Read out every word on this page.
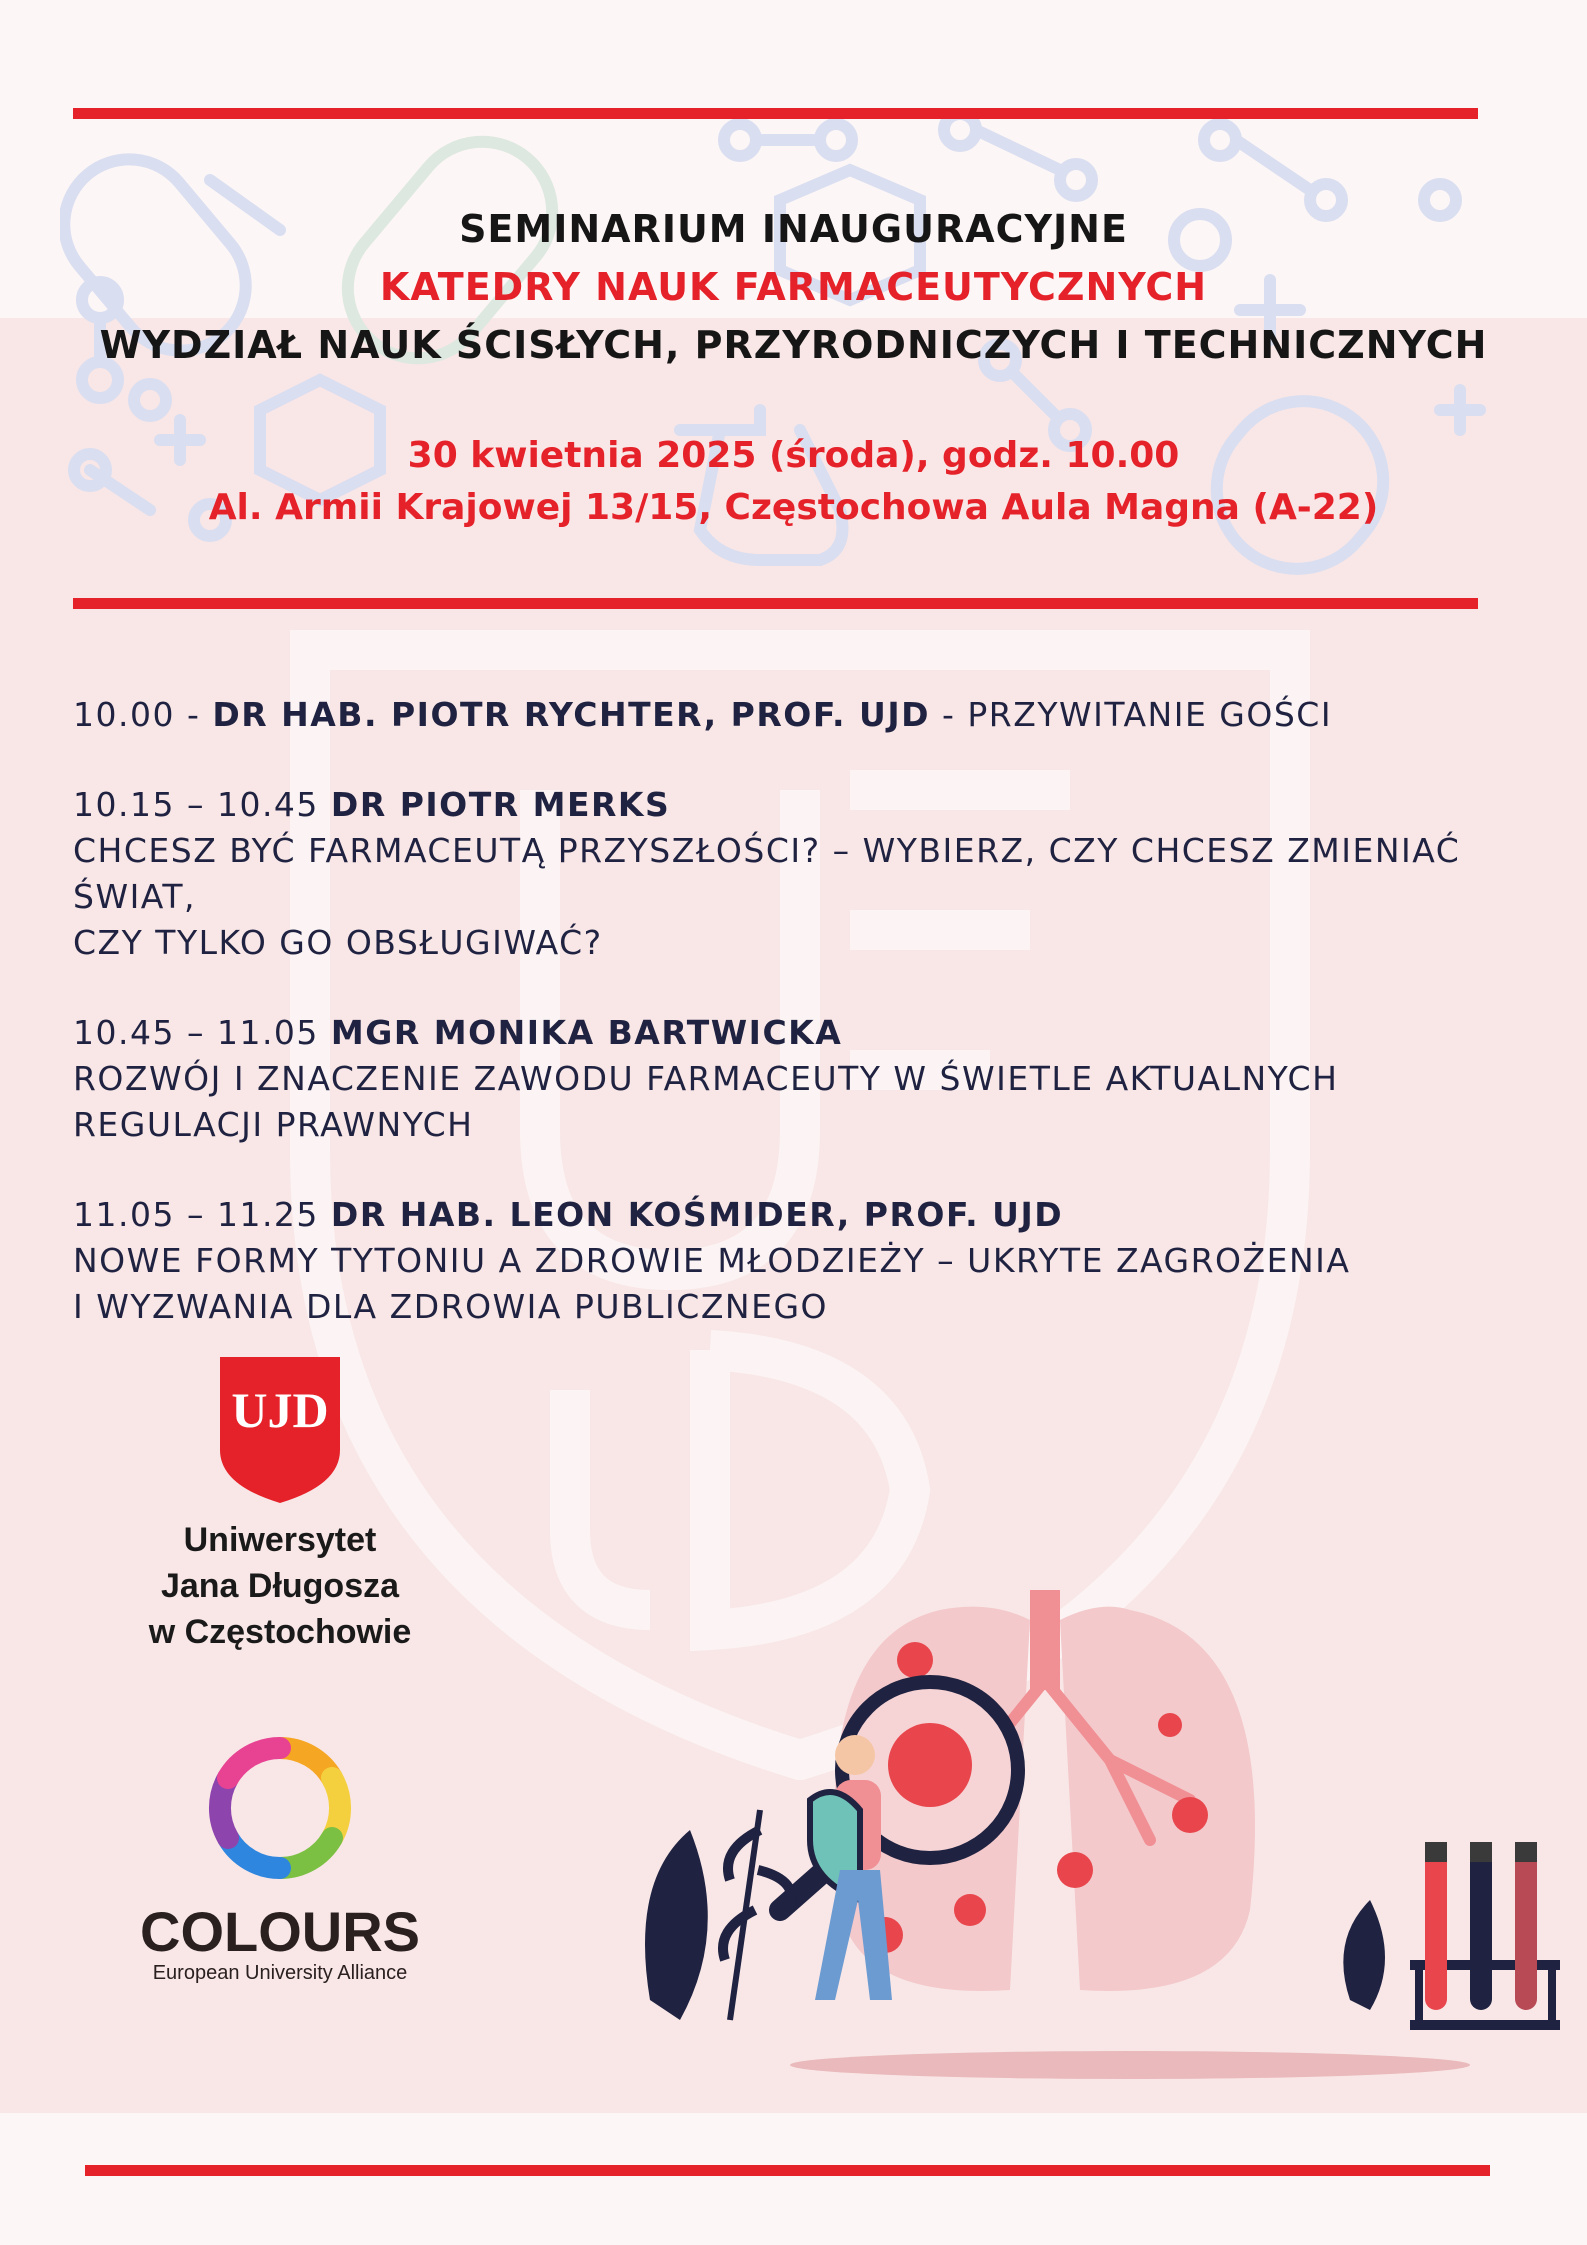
SEMINARIUM INAUGURACYJNE
KATEDRY NAUK FARMACEUTYCZNYCH
WYDZIAŁ NAUK ŚCISŁYCH, PRZYRODNICZYCH I TECHNICZNYCH
30 kwietnia 2025 (środa), godz. 10.00
Al. Armii Krajowej 13/15, Częstochowa Aula Magna (A-22)
10.00 - DR HAB. PIOTR RYCHTER, PROF. UJD - PRZYWITANIE GOŚCI
10.15 – 10.45 DR PIOTR MERKS
CHCESZ BYĆ FARMACEUTĄ PRZYSZŁOŚCI? – WYBIERZ, CZY CHCESZ ZMIENIAĆ ŚWIAT,
CZY TYLKO GO OBSŁUGIWAĆ?
10.45 – 11.05 MGR MONIKA BARTWICKA
ROZWÓJ I ZNACZENIE ZAWODU FARMACEUTY W ŚWIETLE AKTUALNYCH
REGULACJI PRAWNYCH
11.05 – 11.25 DR HAB. LEON KOŚMIDER, PROF. UJD
NOWE FORMY TYTONIU A ZDROWIE MŁODZIEŻY – UKRYTE ZAGROŻENIA
I WYZWANIA DLA ZDROWIA PUBLICZNEGO
UJD
Uniwersytet
Jana Długosza
w Częstochowie
COLOURS
European University Alliance
